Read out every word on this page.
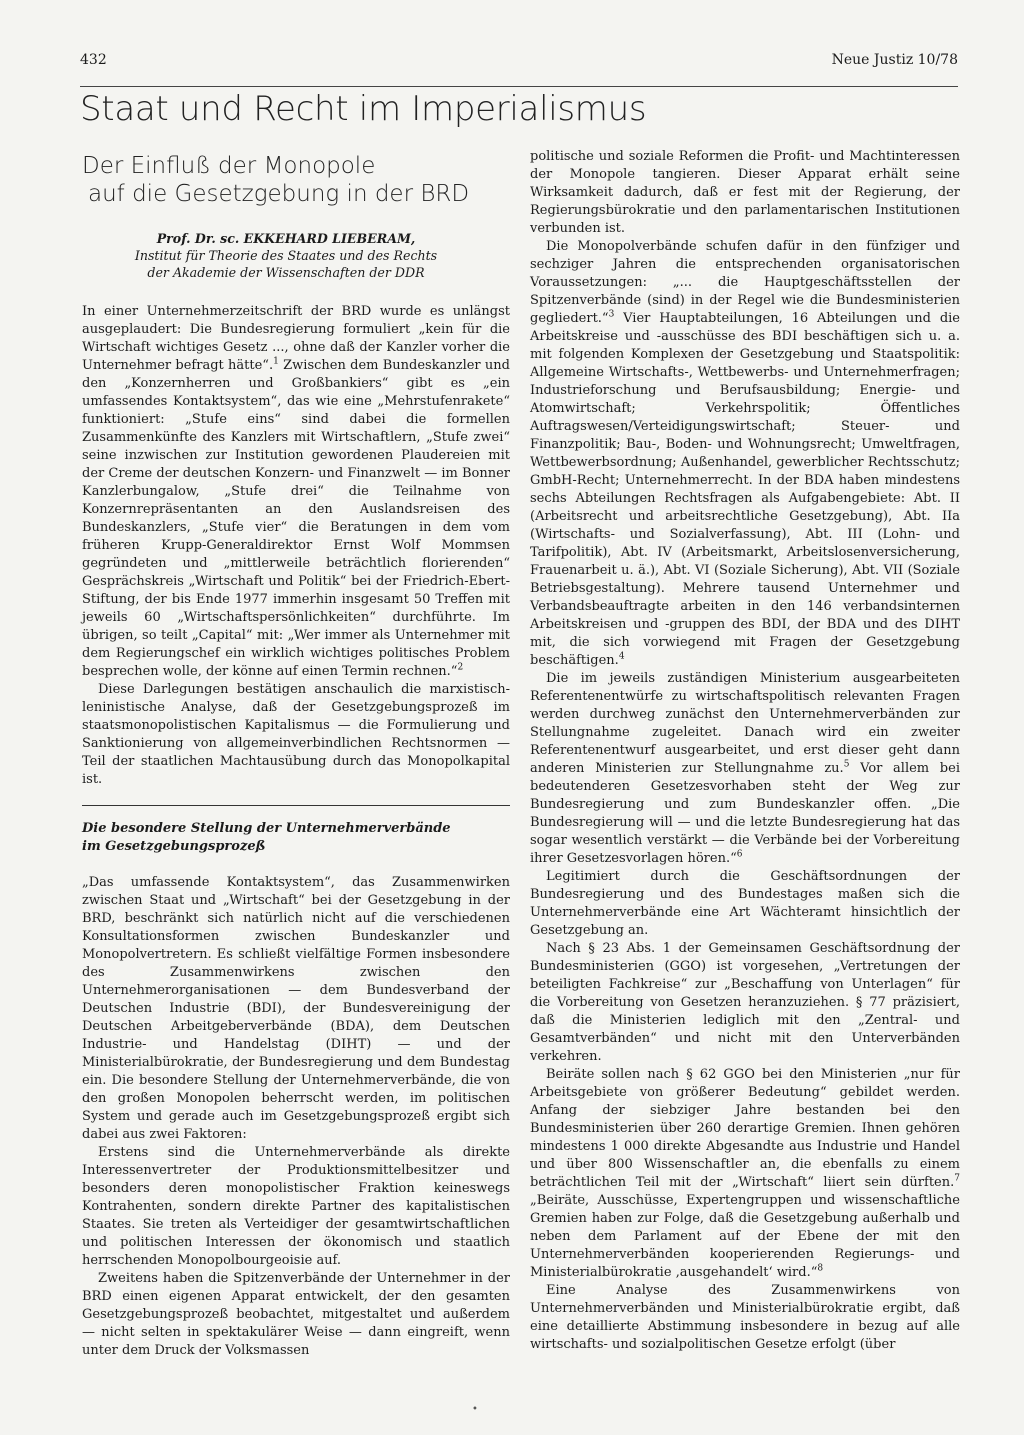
432	Neue Justiz 10/78
Staat und Recht im Imperialismus
Der Einfluß der Monopole
auf die Gesetzgebung in der BRD
Prof. Dr. sc. EKKEHARD LIEBERAM,
Institut für Theorie des Staates und des Rechts
der Akademie der Wissenschaften der DDR

In einer Unternehmerzeitschrift der BRD wurde es unlängst ausgeplaudert: Die Bundesregierung formuliert „kein für die Wirtschaft wichtiges Gesetz ..., ohne daß der Kanzler vorher die Unternehmer befragt hätte“.$^1$ Zwischen dem Bundeskanzler und den „Konzernherren und Großbankiers“ gibt es „ein umfassendes Kontaktsystem“, das wie eine „Mehrstufenrakete“ funktioniert: „Stufe eins“ sind dabei die formellen Zusammenkünfte des Kanzlers mit Wirtschaftlern, „Stufe zwei“ seine inzwischen zur Institution gewordenen Plaudereien mit der Creme der deutschen Konzern- und Finanzwelt — im Bonner Kanzlerbungalow, „Stufe drei“ die Teilnahme von Konzernrepräsentanten an den Auslandsreisen des Bundeskanzlers, „Stufe vier“ die Beratungen in dem vom früheren Krupp-Generaldirektor Ernst Wolf Mommsen gegründeten und „mittlerweile beträchtlich florierenden“ Gesprächskreis „Wirtschaft und Politik“ bei der Friedrich-Ebert-Stiftung, der bis Ende 1977 immerhin insgesamt 50 Treffen mit jeweils 60 „Wirtschaftspersönlichkeiten“ durchführte. Im übrigen, so teilt „Capital“ mit: „Wer immer als Unternehmer mit dem Regierungschef ein wirklich wichtiges politisches Problem besprechen wolle, der könne auf einen Termin rechnen.“$^2$

Diese Darlegungen bestätigen anschaulich die marxistisch-leninistische Analyse, daß der Gesetzgebungsprozeß im staatsmonopolistischen Kapitalismus — die Formulierung und Sanktionierung von allgemeinverbindlichen Rechtsnormen — Teil der staatlichen Machtausübung durch das Monopolkapital ist.

Die besondere Stellung der Unternehmerverbände
im Gesetzgebungsprozeß

„Das umfassende Kontaktsystem“, das Zusammenwirken zwischen Staat und „Wirtschaft“ bei der Gesetzgebung in der BRD, beschränkt sich natürlich nicht auf die verschiedenen Konsultationsformen zwischen Bundeskanzler und Monopolvertretern. Es schließt vielfältige Formen insbesondere des Zusammenwirkens zwischen den Unternehmerorganisationen — dem Bundesverband der Deutschen Industrie (BDI), der Bundesvereinigung der Deutschen Arbeitgeberverbände (BDA), dem Deutschen Industrie- und Handelstag (DIHT) — und der Ministerialbürokratie, der Bundesregierung und dem Bundestag ein. Die besondere Stellung der Unternehmerverbände, die von den großen Monopolen beherrscht werden, im politischen System und gerade auch im Gesetzgebungsprozeß ergibt sich dabei aus zwei Faktoren:

Erstens sind die Unternehmerverbände als direkte Interessenvertreter der Produktionsmittelbesitzer und besonders deren monopolistischer Fraktion keineswegs Kontrahenten, sondern direkte Partner des kapitalistischen Staates. Sie treten als Verteidiger der gesamtwirtschaftlichen und politischen Interessen der ökonomisch und staatlich herrschenden Monopolbourgeoisie auf.

Zweitens haben die Spitzenverbände der Unternehmer in der BRD einen eigenen Apparat entwickelt, der den gesamten Gesetzgebungsprozeß beobachtet, mitgestaltet und außerdem — nicht selten in spektakulärer Weise — dann eingreift, wenn unter dem Druck der Volksmassen

politische und soziale Reformen die Profit- und Machtinteressen der Monopole tangieren. Dieser Apparat erhält seine Wirksamkeit dadurch, daß er fest mit der Regierung, der Regierungsbürokratie und den parlamentarischen Institutionen verbunden ist.

Die Monopolverbände schufen dafür in den fünfziger und sechziger Jahren die entsprechenden organisatorischen Voraussetzungen: „... die Hauptgeschäftsstellen der Spitzenverbände (sind) in der Regel wie die Bundesministerien gegliedert.“$^3$ Vier Hauptabteilungen, 16 Abteilungen und die Arbeitskreise und -ausschüsse des BDI beschäftigen sich u. a. mit folgenden Komplexen der Gesetzgebung und Staatspolitik: Allgemeine Wirtschafts-, Wettbewerbs- und Unternehmerfragen; Industrieforschung und Berufsausbildung; Energie- und Atomwirtschaft; Verkehrspolitik; Öffentliches Auftragswesen/Verteidigungswirtschaft; Steuer- und Finanzpolitik; Bau-, Boden- und Wohnungsrecht; Umweltfragen, Wettbewerbsordnung; Außenhandel, gewerblicher Rechtsschutz; GmbH-Recht; Unternehmerrecht. In der BDA haben mindestens sechs Abteilungen Rechtsfragen als Aufgabengebiete: Abt. II (Arbeitsrecht und arbeitsrechtliche Gesetzgebung), Abt. IIa (Wirtschafts- und Sozialverfassung), Abt. III (Lohn- und Tarifpolitik), Abt. IV (Arbeitsmarkt, Arbeitslosenversicherung, Frauenarbeit u. ä.), Abt. VI (Soziale Sicherung), Abt. VII (Soziale Betriebsgestaltung). Mehrere tausend Unternehmer und Verbandsbeauftragte arbeiten in den 146 verbandsinternen Arbeitskreisen und -gruppen des BDI, der BDA und des DIHT mit, die sich vorwiegend mit Fragen der Gesetzgebung beschäftigen.$^4$

Die im jeweils zuständigen Ministerium ausgearbeiteten Referentenentwürfe zu wirtschaftspolitisch relevanten Fragen werden durchweg zunächst den Unternehmerverbänden zur Stellungnahme zugeleitet. Danach wird ein zweiter Referentenentwurf ausgearbeitet, und erst dieser geht dann anderen Ministerien zur Stellungnahme zu.$^5$ Vor allem bei bedeutenderen Gesetzesvorhaben steht der Weg zur Bundesregierung und zum Bundeskanzler offen. „Die Bundesregierung will — und die letzte Bundesregierung hat das sogar wesentlich verstärkt — die Verbände bei der Vorbereitung ihrer Gesetzesvorlagen hören.“$^6$

Legitimiert durch die Geschäftsordnungen der Bundesregierung und des Bundestages maßen sich die Unternehmerverbände eine Art Wächteramt hinsichtlich der Gesetzgebung an.

Nach § 23 Abs. 1 der Gemeinsamen Geschäftsordnung der Bundesministerien (GGO) ist vorgesehen, „Vertretungen der beteiligten Fachkreise“ zur „Beschaffung von Unterlagen“ für die Vorbereitung von Gesetzen heranzuziehen. § 77 präzisiert, daß die Ministerien lediglich mit den „Zentral- und Gesamtverbänden“ und nicht mit den Unterverbänden verkehren.

Beiräte sollen nach § 62 GGO bei den Ministerien „nur für Arbeitsgebiete von größerer Bedeutung“ gebildet werden. Anfang der siebziger Jahre bestanden bei den Bundesministerien über 260 derartige Gremien. Ihnen gehören mindestens 1 000 direkte Abgesandte aus Industrie und Handel und über 800 Wissenschaftler an, die ebenfalls zu einem beträchtlichen Teil mit der „Wirtschaft“ liiert sein dürften.$^7$ „Beiräte, Ausschüsse, Expertengruppen und wissenschaftliche Gremien haben zur Folge, daß die Gesetzgebung außerhalb und neben dem Parlament auf der Ebene der mit den Unternehmerverbänden kooperierenden Regierungs- und Ministerialbürokratie ‚ausgehandelt‘ wird.“$^8$

Eine Analyse des Zusammenwirkens von Unternehmerverbänden und Ministerialbürokratie ergibt, daß eine detaillierte Abstimmung insbesondere in bezug auf alle wirtschafts- und sozialpolitischen Gesetze erfolgt (über

•
